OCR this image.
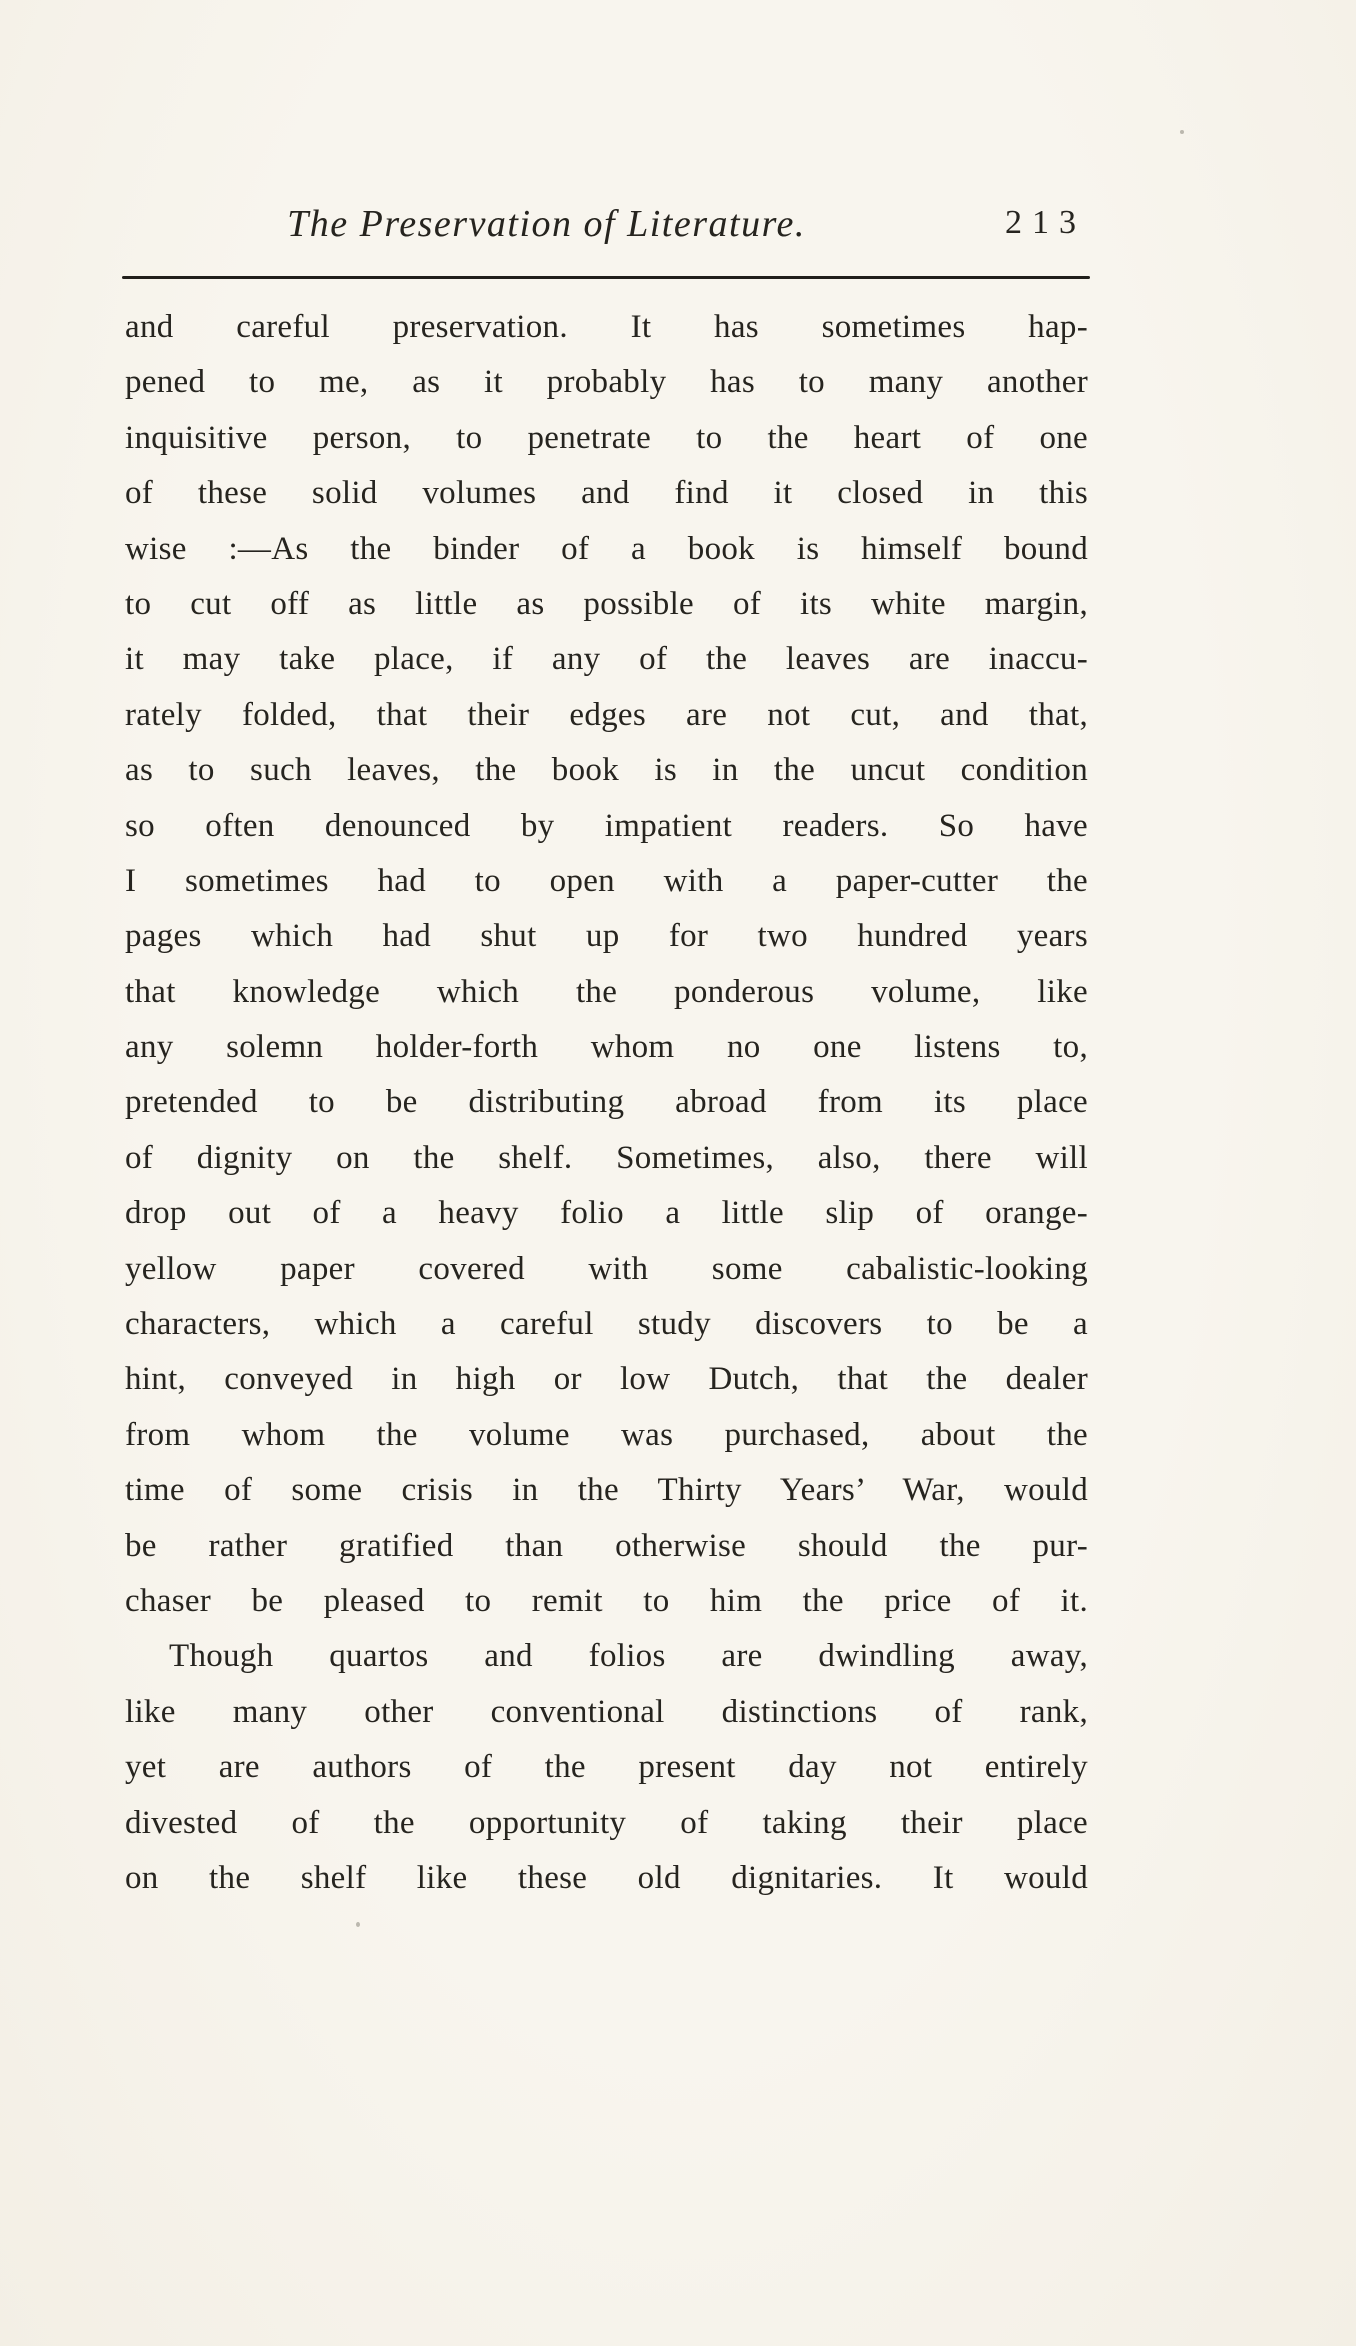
The Preservation of Literature.	213
and careful preservation. It has sometimes hap-
pened to me, as it probably has to many another
inquisitive person, to penetrate to the heart of one
of these solid volumes and find it closed in this
wise :—As the binder of a book is himself bound
to cut off as little as possible of its white margin,
it may take place, if any of the leaves are inaccu-
rately folded, that their edges are not cut, and that,
as to such leaves, the book is in the uncut condition
so often denounced by impatient readers. So have
I sometimes had to open with a paper-cutter the
pages which had shut up for two hundred years
that knowledge which the ponderous volume, like
any solemn holder-forth whom no one listens to,
pretended to be distributing abroad from its place
of dignity on the shelf. Sometimes, also, there will
drop out of a heavy folio a little slip of orange-
yellow paper covered with some cabalistic-looking
characters, which a careful study discovers to be a
hint, conveyed in high or low Dutch, that the dealer
from whom the volume was purchased, about the
time of some crisis in the Thirty Years’ War, would
be rather gratified than otherwise should the pur-
chaser be pleased to remit to him the price of it.
Though quartos and folios are dwindling away,
like many other conventional distinctions of rank,
yet are authors of the present day not entirely
divested of the opportunity of taking their place
on the shelf like these old dignitaries. It would
